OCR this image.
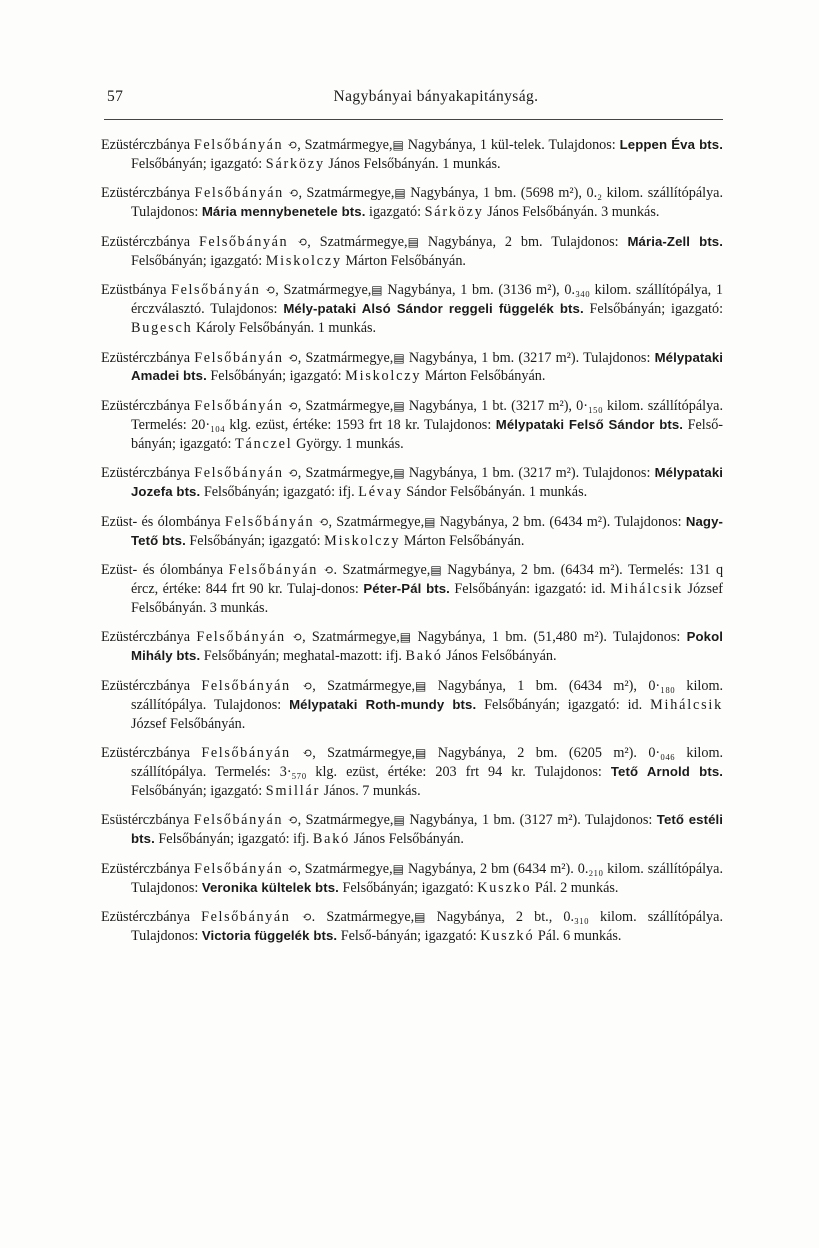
57	Nagybányai bányakapitányság.

Ezüstérczbánya Felsőbányán ⟲, Szatmármegye,▤ Nagybánya, 1 kül-telek. Tulajdonos: Leppen Éva bts. Felsőbányán; igazgató: Sárközy János Felsőbányán. 1 munkás.

Ezüstérczbánya Felsőbányán ⟲, Szatmármegye,▤ Nagybánya, 1 bm. (5698 m²), 0.₂ kilom. szállítópálya. Tulajdonos: Mária mennybenetele bts. igazgató: Sárközy János Felsőbányán. 3 munkás.

Ezüstérczbánya Felsőbányán ⟲, Szatmármegye,▤ Nagybánya, 2 bm. Tulajdonos: Mária-Zell bts. Felsőbányán; igazgató: Miskolczy Márton Felsőbányán.

Ezüstbánya Felsőbányán ⟲, Szatmármegye,▤ Nagybánya, 1 bm. (3136 m²), 0.₃₄₀ kilom. szállítópálya, 1 érczválasztó. Tulajdonos: Mély-pataki Alsó Sándor reggeli függelék bts. Felsőbányán; igazgató: Bugesch Károly Felsőbányán. 1 munkás.

Ezüstérczbánya Felsőbányán ⟲, Szatmármegye,▤ Nagybánya, 1 bm. (3217 m²). Tulajdonos: Mélypataki Amadei bts. Felsőbányán; igazgató: Miskolczy Márton Felsőbányán.

Ezüstérczbánya Felsőbányán ⟲, Szatmármegye,▤ Nagybánya, 1 bt. (3217 m²), 0·₁₅₀ kilom. szállítópálya. Termelés: 20·₁₀₄ klg. ezüst, értéke: 1593 frt 18 kr. Tulajdonos: Mélypataki Felső Sándor bts. Felső-bányán; igazgató: Tánczel György. 1 munkás.

Ezüstérczbánya Felsőbányán ⟲, Szatmármegye,▤ Nagybánya, 1 bm. (3217 m²). Tulajdonos: Mélypataki Jozefa bts. Felsőbányán; igazgató: ifj. Lévay Sándor Felsőbányán. 1 munkás.

Ezüst- és ólombánya Felsőbányán ⟲, Szatmármegye,▤ Nagybánya, 2 bm. (6434 m²). Tulajdonos: Nagy-Tető bts. Felsőbányán; igazgató: Miskolczy Márton Felsőbányán.

Ezüst- és ólombánya Felsőbányán ⟲. Szatmármegye,▤ Nagybánya, 2 bm. (6434 m²). Termelés: 131 q ércz, értéke: 844 frt 90 kr. Tulaj-donos: Péter-Pál bts. Felsőbányán: igazgató: id. Mihálcsik József Felsőbányán. 3 munkás.

Ezüstérczbánya Felsőbányán ⟲, Szatmármegye,▤ Nagybánya, 1 bm. (51,480 m²). Tulajdonos: Pokol Mihály bts. Felsőbányán; meghatal-mazott: ifj. Bakó János Felsőbányán.

Ezüstérczbánya Felsőbányán ⟲, Szatmármegye,▤ Nagybánya, 1 bm. (6434 m²), 0·₁₈₀ kilom. szállítópálya. Tulajdonos: Mélypataki Roth-mundy bts. Felsőbányán; igazgató: id. Mihálcsik József Felsőbányán.

Ezüstérczbánya Felsőbányán ⟲, Szatmármegye,▤ Nagybánya, 2 bm. (6205 m²). 0·₀₄₆ kilom. szállítópálya. Termelés: 3·₅₇₀ klg. ezüst, értéke: 203 frt 94 kr. Tulajdonos: Tető Arnold bts. Felsőbányán; igazgató: Smillár János. 7 munkás.

Esüstérczbánya Felsőbányán ⟲, Szatmármegye,▤ Nagybánya, 1 bm. (3127 m²). Tulajdonos: Tető estéli bts. Felsőbányán; igazgató: ifj. Bakó János Felsőbányán.

Ezüstérczbánya Felsőbányán ⟲, Szatmármegye,▤ Nagybánya, 2 bm (6434 m²). 0.₂₁₀ kilom. szállítópálya. Tulajdonos: Veronika kültelek bts. Felsőbányán; igazgató: Kuszko Pál. 2 munkás.

Ezüstérczbánya Felsőbányán ⟲. Szatmármegye,▤ Nagybánya, 2 bt., 0.₃₁₀ kilom. szállítópálya. Tulajdonos: Victoria függelék bts. Felső-bányán; igazgató: Kuszkó Pál. 6 munkás.
